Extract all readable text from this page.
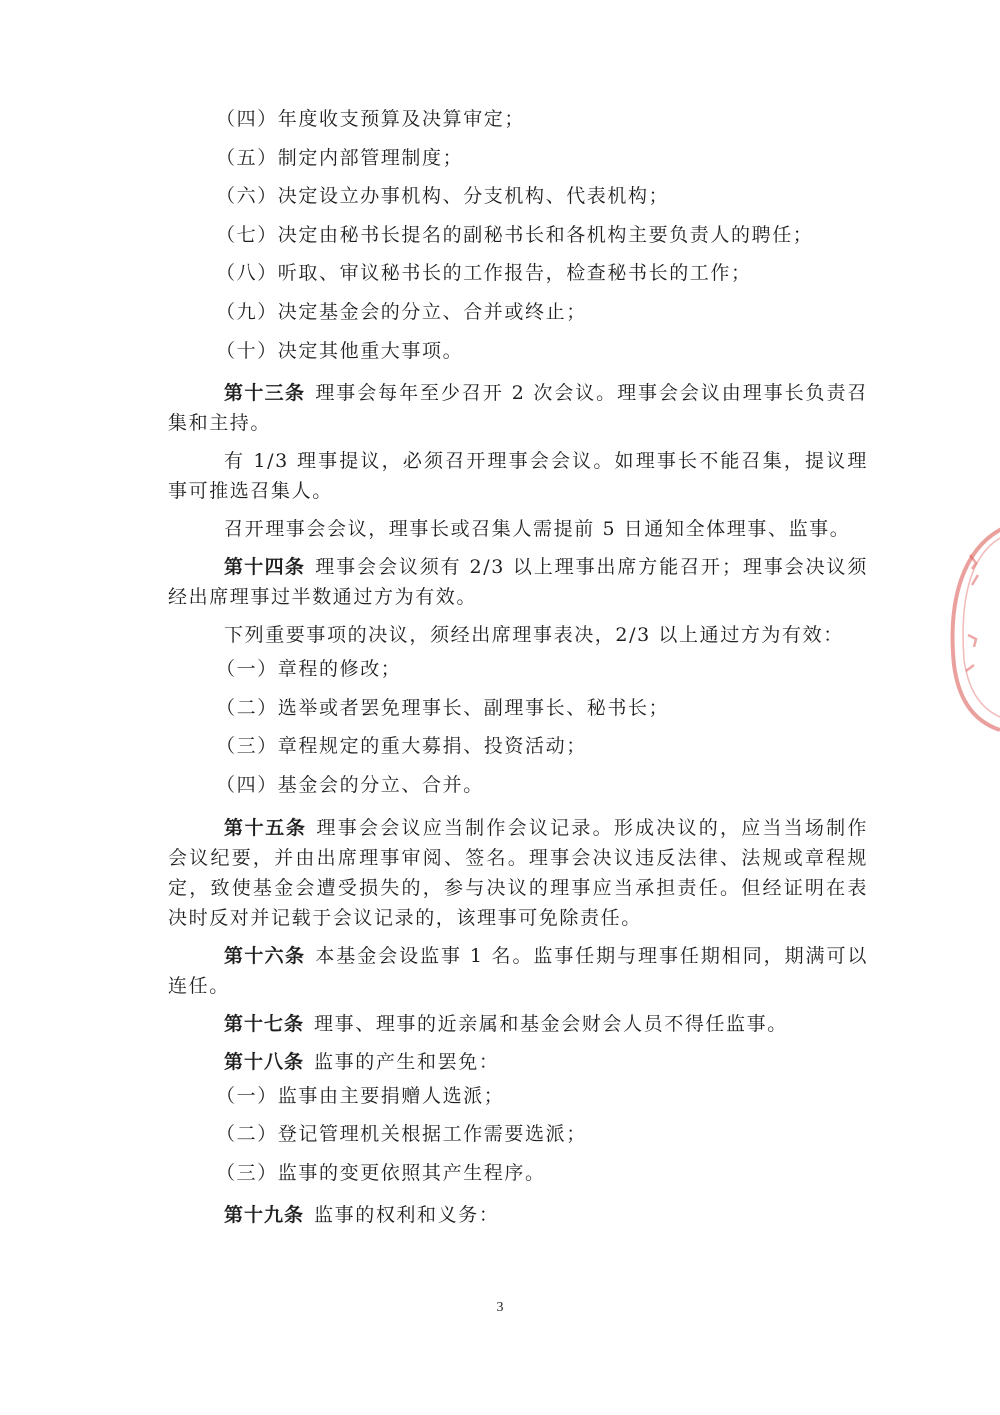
（四）年度收支预算及决算审定；
（五）制定内部管理制度；
（六）决定设立办事机构、分支机构、代表机构；
（七）决定由秘书长提名的副秘书长和各机构主要负责人的聘任；
（八）听取、审议秘书长的工作报告，检查秘书长的工作；
（九）决定基金会的分立、合并或终止；
（十）决定其他重大事项。

第十三条 理事会每年至少召开 2 次会议。理事会会议由理事长负责召集和主持。

有 1/3 理事提议，必须召开理事会会议。如理事长不能召集，提议理事可推选召集人。

召开理事会会议，理事长或召集人需提前 5 日通知全体理事、监事。

第十四条 理事会会议须有 2/3 以上理事出席方能召开；理事会决议须经出席理事过半数通过方为有效。

下列重要事项的决议，须经出席理事表决，2/3 以上通过方为有效：

（一）章程的修改；
（二）选举或者罢免理事长、副理事长、秘书长；
（三）章程规定的重大募捐、投资活动；
（四）基金会的分立、合并。

第十五条 理事会会议应当制作会议记录。形成决议的，应当当场制作会议纪要，并由出席理事审阅、签名。理事会决议违反法律、法规或章程规定，致使基金会遭受损失的，参与决议的理事应当承担责任。但经证明在表决时反对并记载于会议记录的，该理事可免除责任。

第十六条 本基金会设监事 1 名。监事任期与理事任期相同，期满可以连任。

第十七条 理事、理事的近亲属和基金会财会人员不得任监事。

第十八条 监事的产生和罢免：

（一）监事由主要捐赠人选派；
（二）登记管理机关根据工作需要选派；
（三）监事的变更依照其产生程序。

第十九条 监事的权利和义务：

3
